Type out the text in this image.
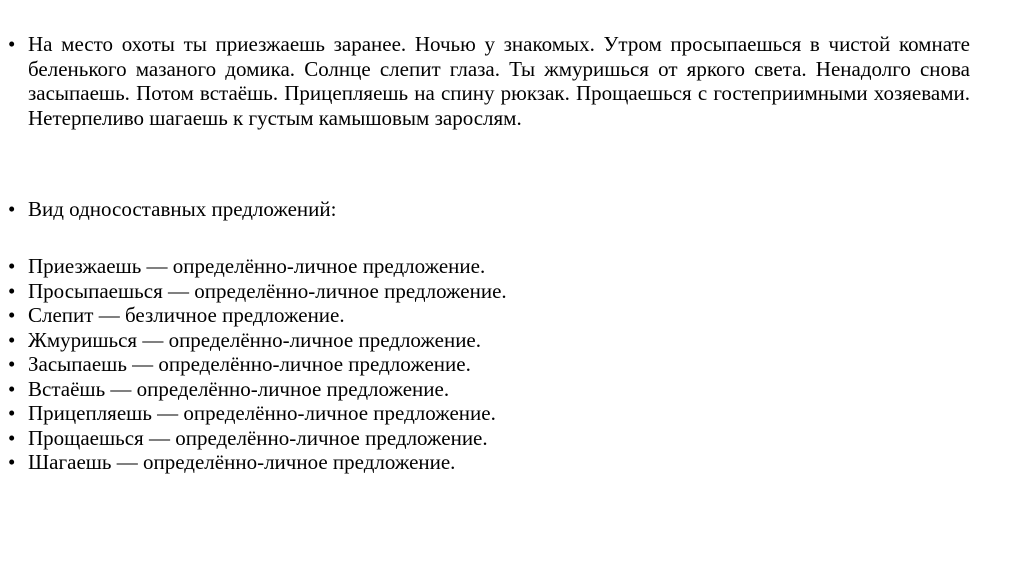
• На место охоты ты приезжаешь заранее. Ночью у знакомых. Утром просыпаешься в чистой комнате беленького мазаного домика. Солнце слепит глаза. Ты жмуришься от яркого света. Ненадолго снова засыпаешь. Потом встаёшь. Прицепляешь на спину рюкзак. Прощаешься с гостеприимными хозяевами. Нетерпеливо шагаешь к густым камышовым зарослям.
• Вид односоставных предложений:
• Приезжаешь — определённо-личное предложение.
• Просыпаешься — определённо-личное предложение.
• Слепит — безличное предложение.
• Жмуришься — определённо-личное предложение.
• Засыпаешь — определённо-личное предложение.
• Встаёшь — определённо-личное предложение.
• Прицепляешь — определённо-личное предложение.
• Прощаешься — определённо-личное предложение.
• Шагаешь — определённо-личное предложение.
